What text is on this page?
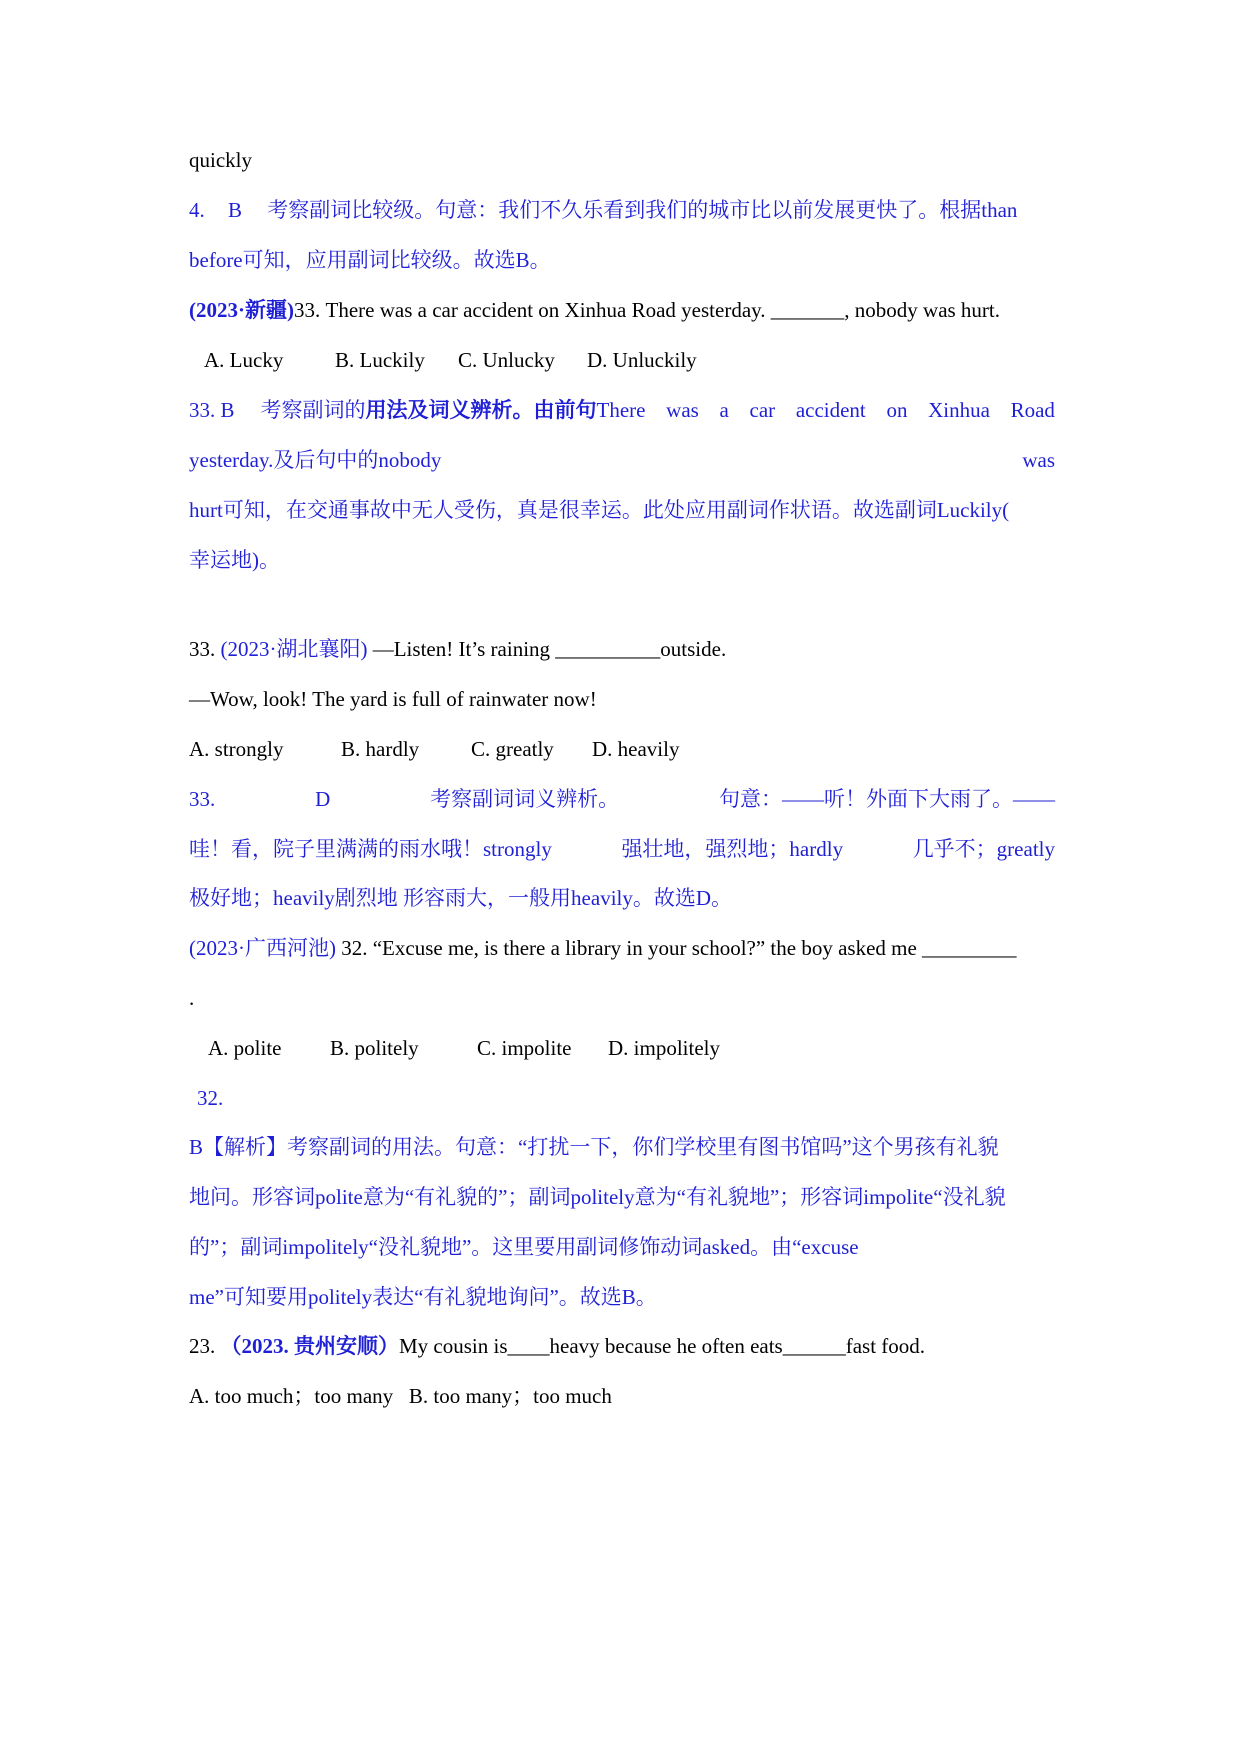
quickly
4. B 考察副词比较级。句意：我们不久乐看到我们的城市比以前发展更快了。根据than
before可知，应用副词比较级。故选B。
(2023·新疆)33. There was a car accident on Xinhua Road yesterday. _______, nobody was hurt.
A. Lucky B. Luckily C. Unlucky D. Unluckily
33. B 考察副词的用法及词义辨析。由前句There was a car accident on Xinhua Road
yesterday.及后句中的nobody	was
hurt可知，在交通事故中无人受伤，真是很幸运。此处应用副词作状语。故选副词Luckily(
幸运地)。
33. (2023·湖北襄阳) —Listen! It’s raining __________outside.
—Wow, look! The yard is full of rainwater now!
A. strongly	B. hardly C. greatly D. heavily
33.	D	考察副词词义辨析。	句意：——听！外面下大雨了。——
哇！看，院子里满满的雨水哦！strongly	强壮地，强烈地；hardly	几乎不；greatly
极好地；heavily剧烈地 形容雨大，一般用heavily。故选D。
(2023·广西河池) 32. “Excuse me, is there a library in your school?” the boy asked me _________
.
A. polite B. politely	C. impolite D. impolitely
32.
B【解析】考察副词的用法。句意：“打扰一下，你们学校里有图书馆吗”这个男孩有礼貌
地问。形容词polite意为“有礼貌的”；副词politely意为“有礼貌地”；形容词impolite“没礼貌
的”；副词impolitely“没礼貌地”。这里要用副词修饰动词asked。由“excuse
me”可知要用politely表达“有礼貌地询问”。故选B。
23. （2023. 贵州安顺）My cousin is____heavy because he often eats______fast food.
A. too much；too many   B. too many；too much
